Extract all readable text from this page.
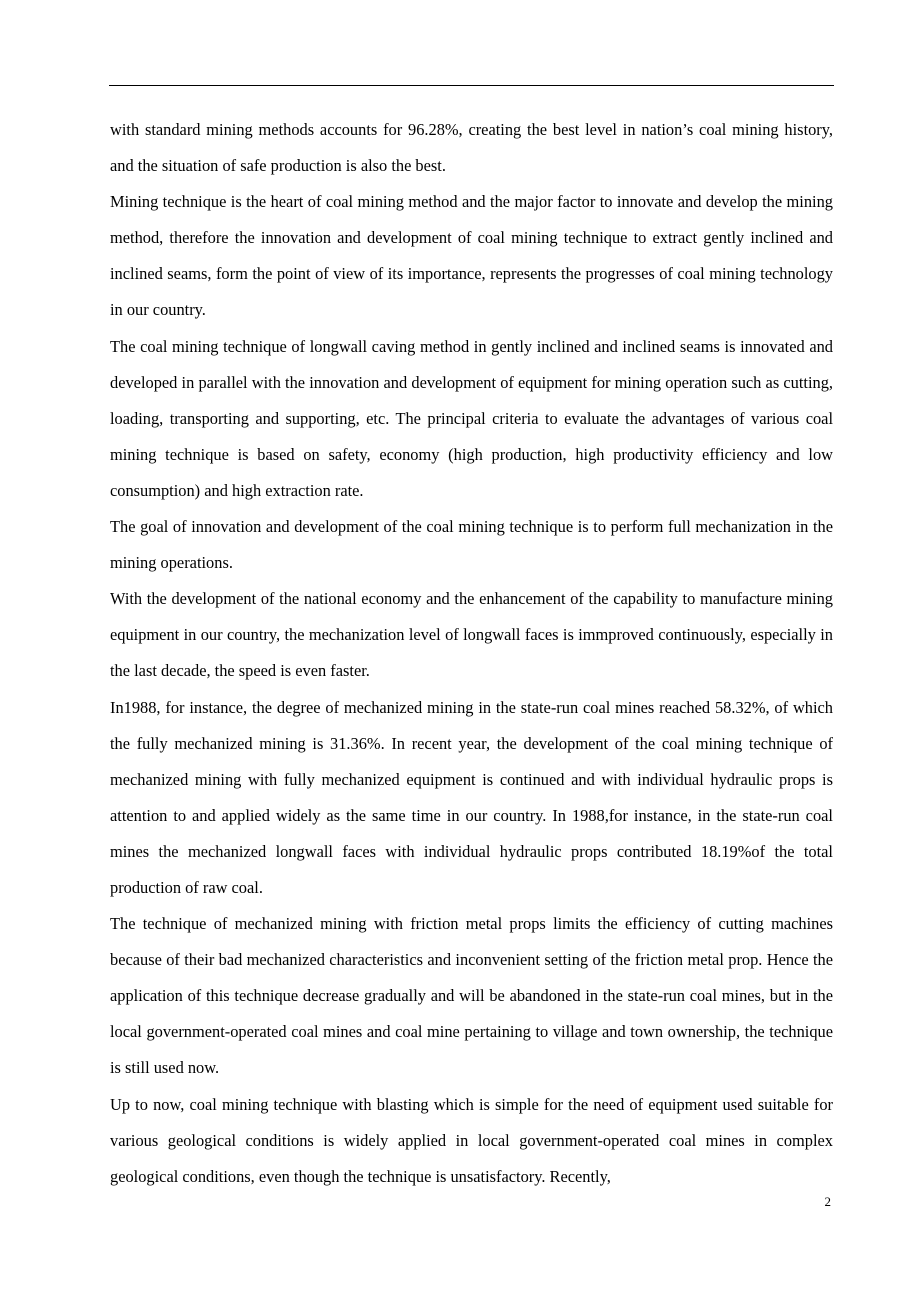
with standard mining methods accounts for 96.28%, creating the best level in nation’s coal mining history, and the situation of safe production is also the best.

Mining technique is the heart of coal mining method and the major factor to innovate and develop the mining method, therefore the innovation and development of coal mining technique to extract gently inclined and inclined seams, form the point of view of its importance, represents the progresses of coal mining technology in our country.

The coal mining technique of longwall caving method in gently inclined and inclined seams is innovated and developed in parallel with the innovation and development of equipment for mining operation such as cutting, loading, transporting and supporting, etc. The principal criteria to evaluate the advantages of various coal mining technique is based on safety, economy (high production, high productivity efficiency and low consumption) and high extraction rate.

The goal of innovation and development of the coal mining technique is to perform full mechanization in the mining operations.

With the development of the national economy and the enhancement of the capability to manufacture mining equipment in our country, the mechanization level of longwall faces is immproved continuously, especially in the last decade, the speed is even faster.

In1988, for instance, the degree of mechanized mining in the state-run coal mines reached 58.32%, of which the fully mechanized mining is 31.36%. In recent year, the development of the coal mining technique of mechanized mining with fully mechanized equipment is continued and with individual hydraulic props is attention to and applied widely as the same time in our country. In 1988,for instance, in the state-run coal mines the mechanized longwall faces with individual hydraulic props contributed 18.19%of the total production of raw coal.

The technique of mechanized mining with friction metal props limits the efficiency of cutting machines because of their bad mechanized characteristics and inconvenient setting of the friction metal prop. Hence the application of this technique decrease gradually and will be abandoned in the state-run coal mines, but in the local government-operated coal mines and coal mine pertaining to village and town ownership, the technique is still used now.

Up to now, coal mining technique with blasting which is simple for the need of equipment used suitable for various geological conditions is widely applied in local government-operated coal mines in complex geological conditions, even though the technique is unsatisfactory. Recently,

2
